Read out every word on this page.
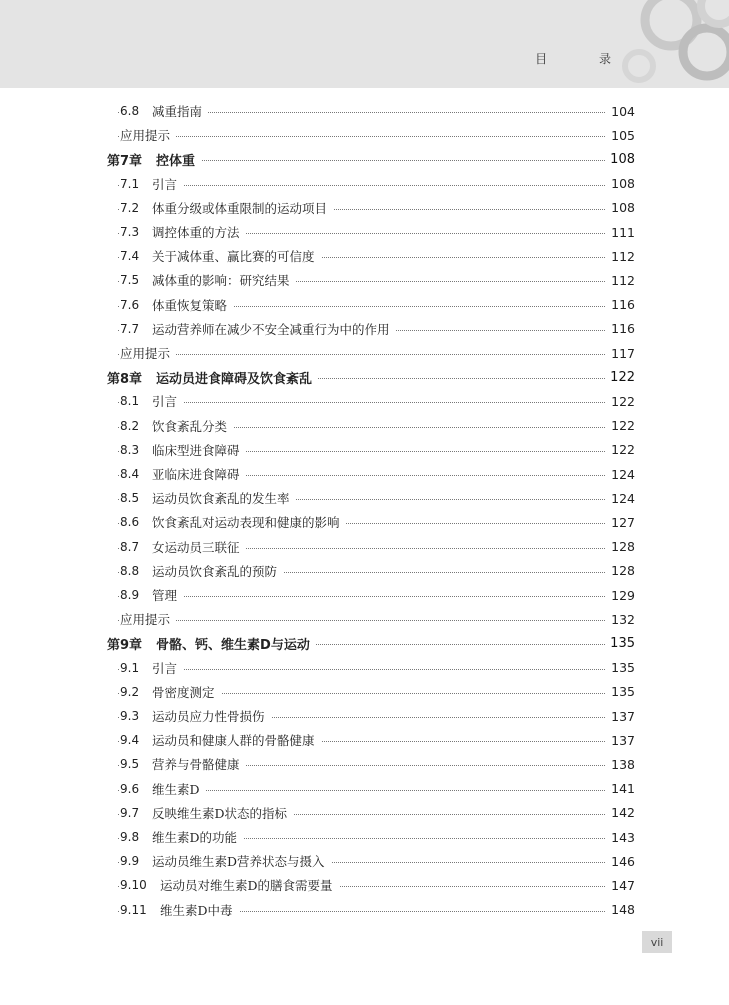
目 录
6.8	减重指南	104
应用提示	105
第7章 控体重	108
7.1	引言	108
7.2	体重分级或体重限制的运动项目	108
7.3	调控体重的方法	111
7.4	关于减体重、赢比赛的可信度	112
7.5	减体重的影响：研究结果	112
7.6	体重恢复策略	116
7.7	运动营养师在减少不安全减重行为中的作用	116
应用提示	117
第8章 运动员进食障碍及饮食紊乱	122
8.1	引言	122
8.2	饮食紊乱分类	122
8.3	临床型进食障碍	122
8.4	亚临床进食障碍	124
8.5	运动员饮食紊乱的发生率	124
8.6	饮食紊乱对运动表现和健康的影响	127
8.7	女运动员三联征	128
8.8	运动员饮食紊乱的预防	128
8.9	管理	129
应用提示	132
第9章 骨骼、钙、维生素D与运动	135
9.1	引言	135
9.2	骨密度测定	135
9.3	运动员应力性骨损伤	137
9.4	运动员和健康人群的骨骼健康	137
9.5	营养与骨骼健康	138
9.6	维生素D	141
9.7	反映维生素D状态的指标	142
9.8	维生素D的功能	143
9.9	运动员维生素D营养状态与摄入	146
9.10	运动员对维生素D的膳食需要量	147
9.11	维生素D中毒	148
vii
